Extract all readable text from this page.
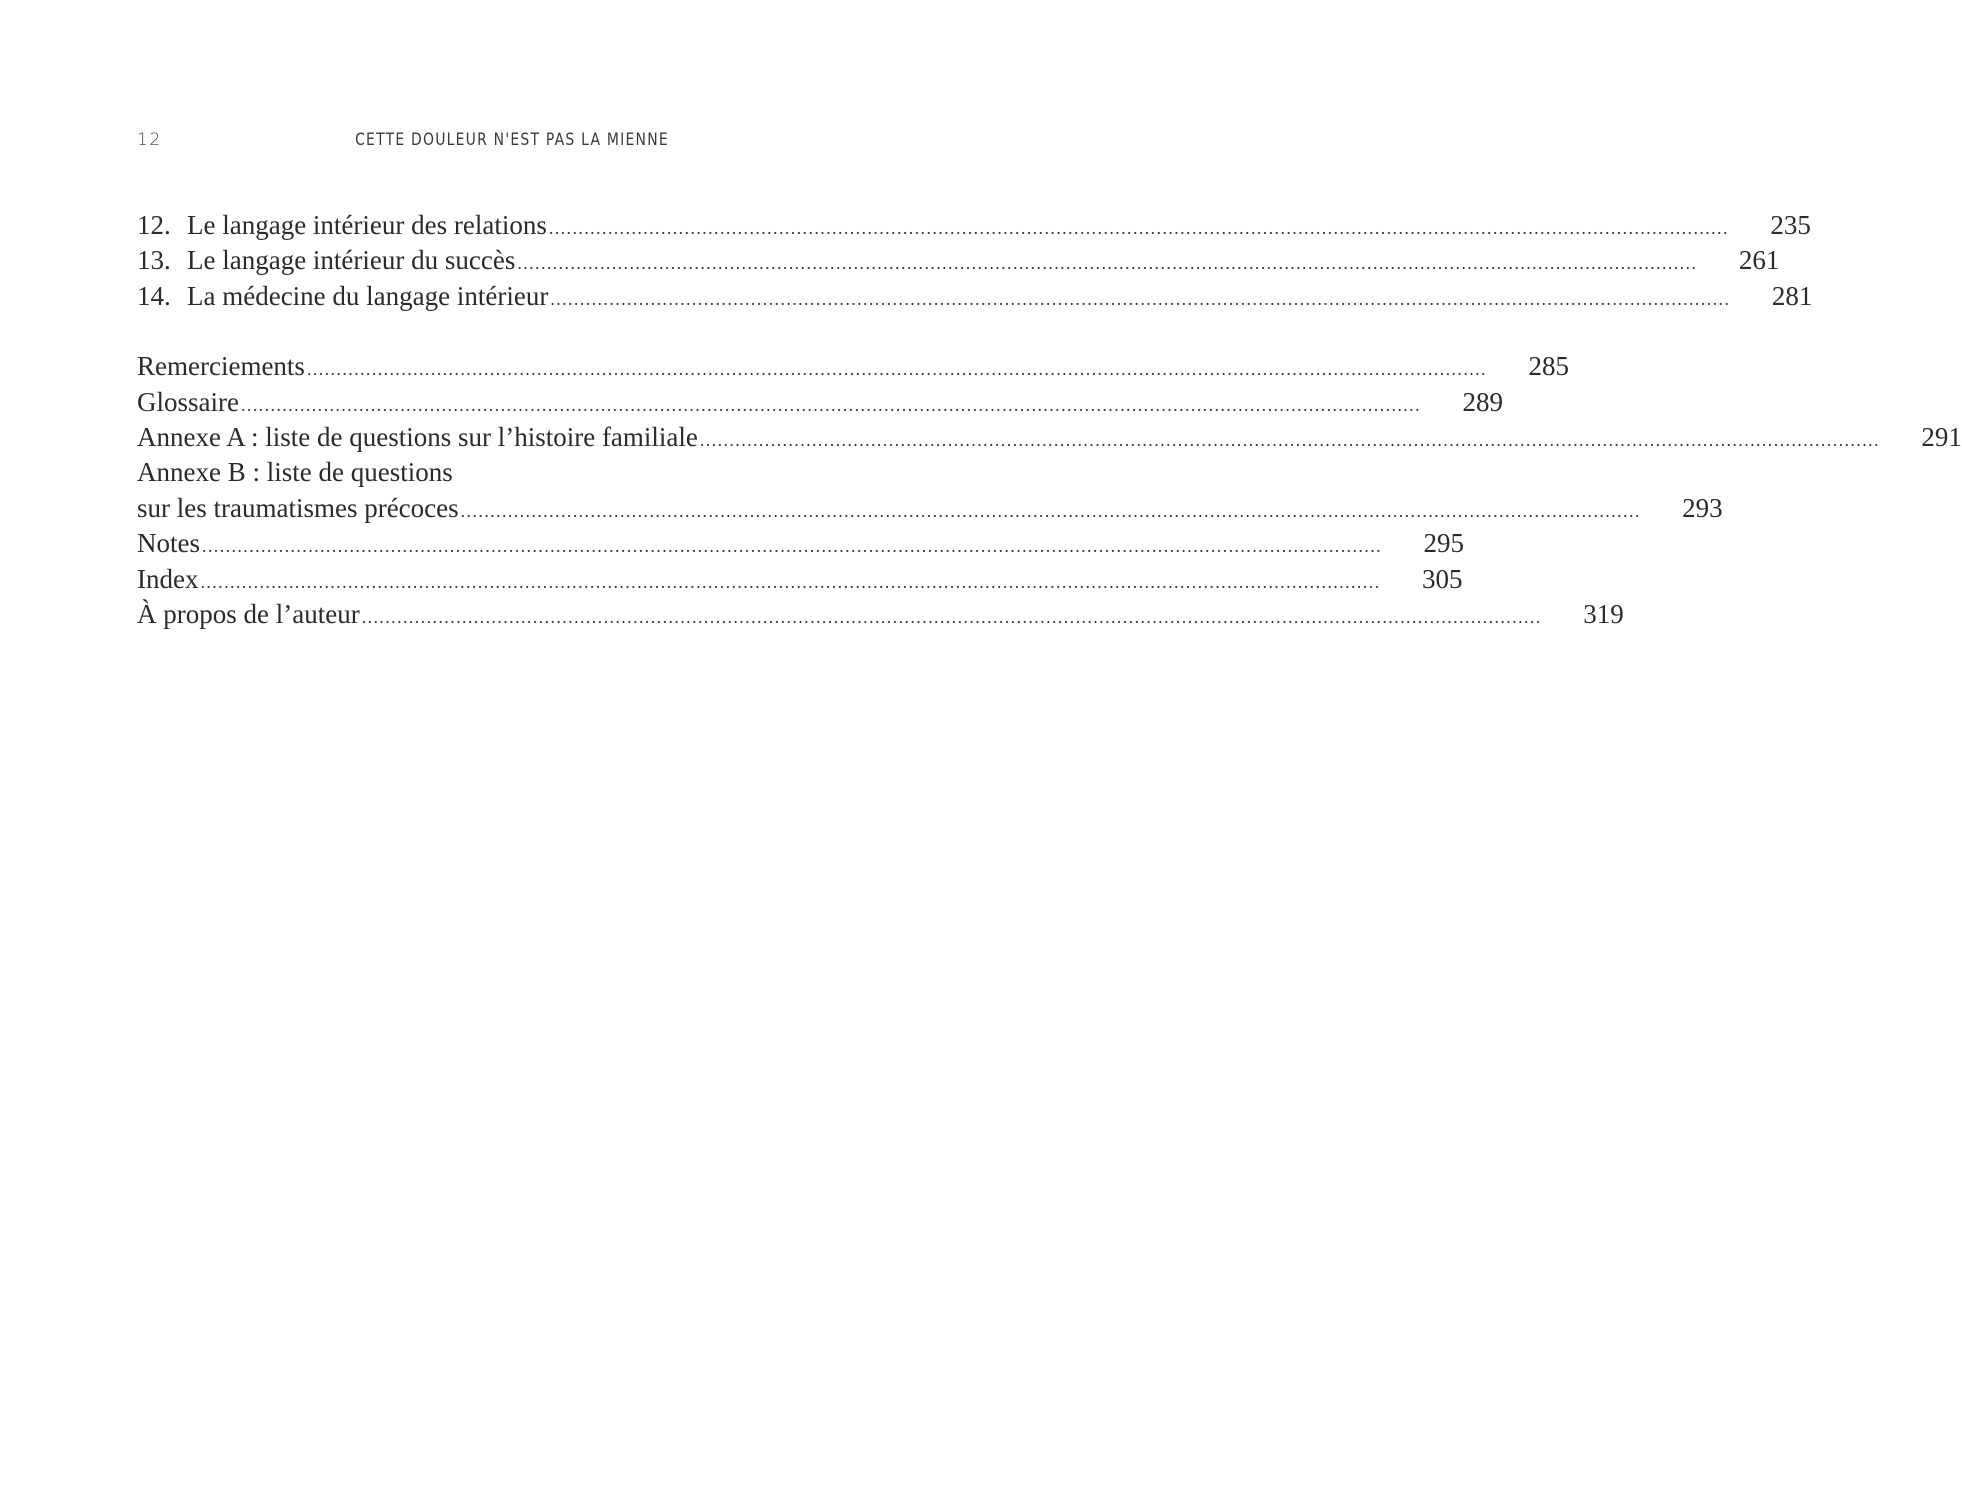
12	CETTE DOULEUR N'EST PAS LA MIENNE
12. Le langage intérieur des relations ........................................................................................................................................................................................................	235
13. Le langage intérieur du succès ........................................................................................................................................................................................................	261
14. La médecine du langage intérieur ........................................................................................................................................................................................................	281
Remerciements ........................................................................................................................................................................................................	285
Glossaire ........................................................................................................................................................................................................	289
Annexe A : liste de questions sur l’histoire familiale ........................................................................................................................................................................................................	291
Annexe B : liste de questions
sur les traumatismes précoces ........................................................................................................................................................................................................	293
Notes ........................................................................................................................................................................................................	295
Index ........................................................................................................................................................................................................	305
À propos de l’auteur ........................................................................................................................................................................................................	319
